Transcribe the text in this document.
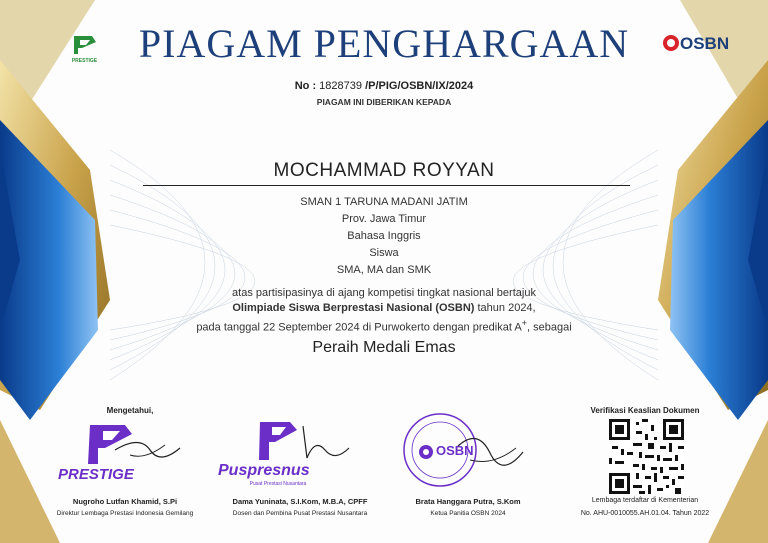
PRESTIGE
OSBN
PIAGAM PENGHARGAAN
No : 1828739 /P/PIG/OSBN/IX/2024
PIAGAM INI DIBERIKAN KEPADA
MOCHAMMAD ROYYAN
SMAN 1 TARUNA MADANI JATIM
Prov. Jawa Timur
Bahasa Inggris
Siswa
SMA, MA dan SMK
atas partisipasinya di ajang kompetisi tingkat nasional bertajuk
Olimpiade Siswa Berprestasi Nasional (OSBN) tahun 2024,
pada tanggal 22 September 2024 di Purwokerto dengan predikat A+, sebagai
Peraih Medali Emas
Mengetahui,
PRESTIGE
Nugroho Lutfan Khamid, S.Pi
Direktur Lembaga Prestasi Indonesia Gemilang
Puspresnus
Pusat Prestasi Nusantara
Dama Yuninata, S.I.Kom, M.B.A, CPFF
Dosen dan Pembina Pusat Prestasi Nusantara
OSBN
Brata Hanggara Putra, S.Kom
Ketua Panitia OSBN 2024
Verifikasi Keaslian Dokumen
Lembaga terdaftar di Kementerian
No. AHU-0010055.AH.01.04. Tahun 2022
